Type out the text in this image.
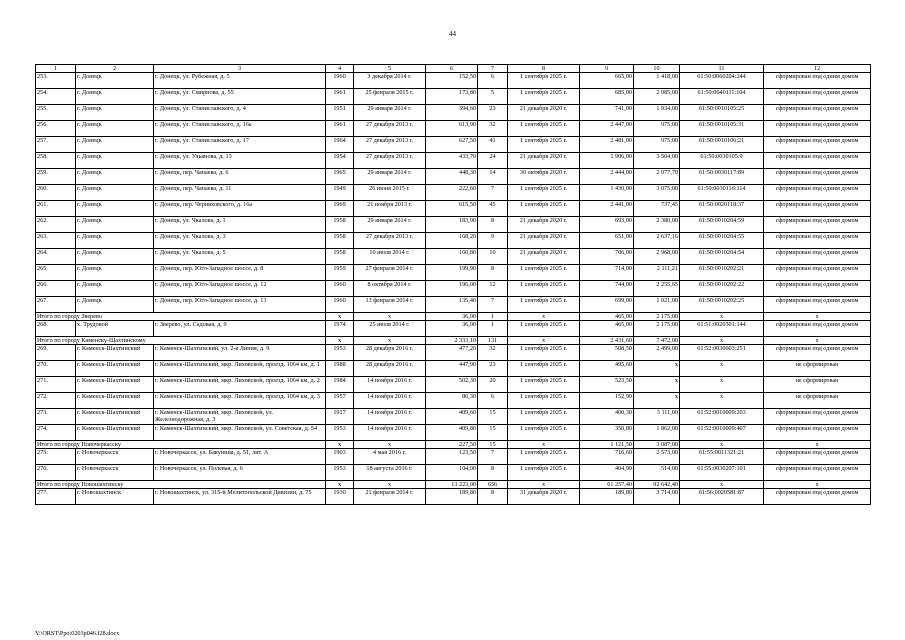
44
1	2	3	4	5	6	7	8	9	10	11	12
253.	г. Донецк	г. Донецк, ул. Рубежная, д. 5	1960	3 декабря 2014 г.	152,50	6	1 сентября 2025 г.	665,00	1 418,00	61:50:0060204:244	сформирован под одним домом
254.	г. Донецк	г. Донецк, ул. Смирнова, д. 55	1961	25 февраля 2015 г.	173,80	5	1 сентября 2025 г.	685,00	2 085,00	61:50:0040111:104	сформирован под одним домом
255.	г. Донецк	г. Донецк, ул. Станиславского, д. 4	1951	29 января 2014 г.	394,60	23	21 декабря 2020 г.	741,00	1 934,00	61:50:0010105:25	сформирован под одним домом
256.	г. Донецк	г. Донецк, ул. Станиславского, д. 16а	1961	27 декабря 2013 г.	613,90	32	1 сентября 2025 г.	2 447,00	975,00	61:50:0010105:31	сформирован под одним домом
257.	г. Донецк	г. Донецк, ул. Станиславского, д. 17	1964	27 декабря 2013 г.	627,50	41	1 сентября 2025 г.	2 481,00	975,00	61:50:0010106:21	сформирован под одним домом
258.	г. Донецк	г. Донецк, ул. Ульянова, д. 13	1954	27 декабря 2013 г.	433,70	24	21 декабря 2020 г.	1 906,00	3 504,00	61:50:0030105:9	сформирован под одним домом
259.	г. Донецк	г. Донецк, пер. Чапаева, д. 6	1965	29 января 2014 г.	448,30	14	30 октября 2020 г.	2 444,00	2 077,70	61:50:0030117:89	сформирован под одним домом
260.	г. Донецк	г. Донецк, пер. Чапаева, д. 11	1949	26 июня 2015 г.	222,60	7	1 сентября 2025 г.	1 430,00	3 075,00	61:50:0030116:114	сформирован под одним домом
261.	г. Донецк	г. Донецк, пер. Черняховского, д. 16а	1969	21 ноября 2013 г.	615,50	45	1 сентября 2025 г.	2 441,00	737,45	61:50:0020118:37	сформирован под одним домом
262.	г. Донецк	г. Донецк, ул. Чкалова, д. 1	1958	29 января 2014 г.	183,90	8	21 декабря 2020 г.	693,00	2 380,00	61:50:0010204:59	сформирован под одним домом
263.	г. Донецк	г. Донецк, ул. Чкалова, д. 3	1958	27 декабря 2013 г.	168,20	9	21 декабря 2020 г.	651,00	2 637,16	61:50:0010204:55	сформирован под одним домом
264.	г. Донецк	г. Донецк, ул. Чкалова, д. 5	1958	10 июля 2014 г.	160,80	10	21 декабря 2020 г.	706,00	2 968,00	61:50:0010204:54	сформирован под одним домом
265.	г. Донецк	г. Донецк, пер. Юго-Западное шоссе, д. 8	1959	27 февраля 2014 г.	199,90	8	1 сентября 2025 г.	714,00	2 111,21	61:50:0010202:21	сформирован под одним домом
266.	г. Донецк	г. Донецк, пер. Юго-Западное шоссе, д. 12	1960	8 октября 2014 г.	196,00	12	1 сентября 2025 г.	744,00	2 255,65	61:50:0010202:22	сформирован под одним домом
267.	г. Донецк	г. Донецк, пер. Юго-Западное шоссе, д. 13	1960	13 февраля 2014 г.	135,40	7	1 сентября 2025 г.	699,00	1 021,00	61:50:0010202:25	сформирован под одним домом
Итого по городу Зверево			x	x	36,00	1	x	465,00	2 175,00	x	x
268.	х. Трудовой	г. Зверево, ул. Садовая, д. 9	1974	25 июля 2014 г.	36,00	1	1 сентября 2025 г.	465,00	2 175,00	61:51:0020301:144	сформирован под одним домом
Итого по городу Каменску-Шахтинскому			x	x	2 333,10	131	x	2 431,60	7 472,00	x	x
269.	г. Каменск-Шахтинский	г. Каменск-Шахтинский, ул. 2-я Линия, д. 9	1953	28 декабря 2016 г.	477,20	32	1 сентября 2025 г.	508,50	2 499,00	61:52:0030003:251	сформирован под одним домом
270.	г. Каменск-Шахтинский	г. Каменск-Шахтинский, мкр. Лиховской, проезд. 1064 км, д. 1	1988	28 декабря 2016 г.	447,90	23	1 сентября 2025 г.	495,60	x	x	не сформирован
271.	г. Каменск-Шахтинский	г. Каменск-Шахтинский, мкр. Лиховской, проезд. 1064 км, д. 2	1984	14 ноября 2016 г.	502,30	20	1 сентября 2025 г.	523,50	x	x	не сформирован
272.	г. Каменск-Шахтинский	г. Каменск-Шахтинский, мкр. Лиховской, проезд. 1064 км, д. 3	1957	14 ноября 2016 г.	86,30	6	1 сентября 2025 г.	152,90	x	x	не сформирован
273.	г. Каменск-Шахтинский	г. Каменск-Шахтинский, мкр. Лиховской, ул. Железнодорожная, д. 3	1917	14 ноября 2016 г.	409,60	15	1 сентября 2025 г.	400,30	3 111,00	61:52:0010009:203	сформирован под одним домом
274.	г. Каменск-Шахтинский	г. Каменск-Шахтинский, мкр. Лиховской, ул. Советская, д. 54	1953	14 ноября 2016 г.	409,80	15	1 сентября 2025 г.	350,80	1 862,00	61:52:0010009:407	сформирован под одним домом
Итого по городу Новочеркасску			x	x	227,50	15	x	1 121,50	3 087,00	x	x
275.	г. Новочеркасск	г. Новочеркасск, ул. Бакунина, д. 51, лит. А	1903	4 мая 2016 г.	123,50	7	1 сентября 2025 г.	716,60	2 573,00	61:55:0011321:21	сформирован под одним домом
276.	г. Новочеркасск	г. Новочеркасск, ул. Полевая, д. 6	1953	18 августа 2016 г.	104,00	8	1 сентября 2025 г.	404,90	514,00	61:55:0030207:101	сформирован под одним домом
Итого по городу Новошахтинску			x	x	13 223,00	656	x	61 257,40	92 642,40	x	x
277.	г. Новошахтинск	г. Новошахтинск, ул. 315-й Мелитопольской Дивизии, д. 75	1930	21 февраля 2014 г.	189,80	8	31 декабря 2020 г.	189,80	3 714,00	61:56:0020581:87	сформирован под одним домом
Y:\ORST\Ppo\0203p046.f28.docx
